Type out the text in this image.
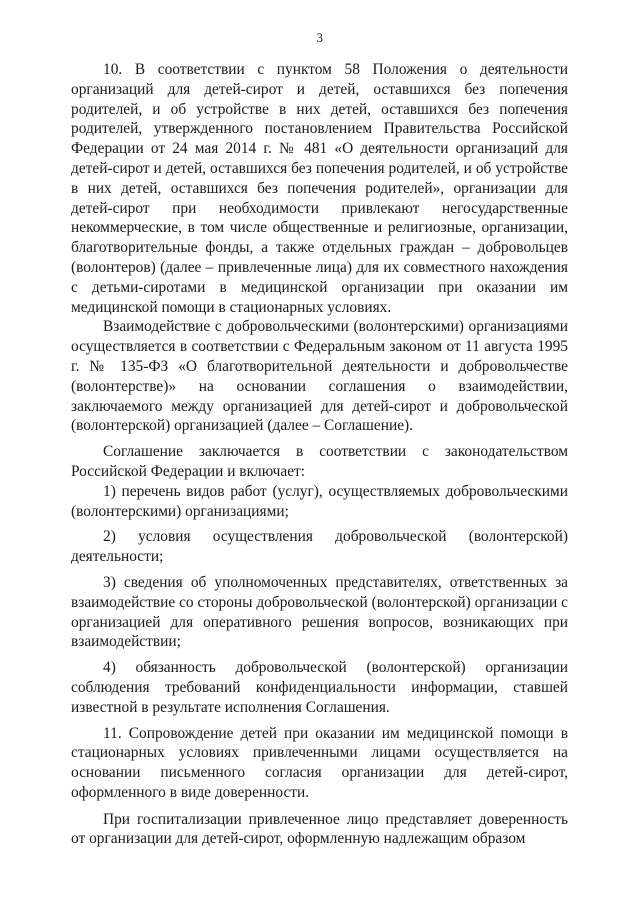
3

10. В соответствии с пунктом 58 Положения о деятельности организаций для детей-сирот и детей, оставшихся без попечения родителей, и об устройстве в них детей, оставшихся без попечения родителей, утвержденного постановлением Правительства Российской Федерации от 24 мая 2014 г. № 481 «О деятельности организаций для детей-сирот и детей, оставшихся без попечения родителей, и об устройстве в них детей, оставшихся без попечения родителей», организации для детей-сирот при необходимости привлекают негосударственные некоммерческие, в том числе общественные и религиозные, организации, благотворительные фонды, а также отдельных граждан – добровольцев (волонтеров) (далее – привлеченные лица) для их совместного нахождения с детьми-сиротами в медицинской организации при оказании им медицинской помощи в стационарных условиях.

Взаимодействие с добровольческими (волонтерскими) организациями осуществляется в соответствии с Федеральным законом от 11 августа 1995 г. № 135-ФЗ «О благотворительной деятельности и добровольчестве (волонтерстве)» на основании соглашения о взаимодействии, заключаемого между организацией для детей-сирот и добровольческой (волонтерской) организацией (далее – Соглашение).

Соглашение заключается в соответствии с законодательством Российской Федерации и включает:

1) перечень видов работ (услуг), осуществляемых добровольческими (волонтерскими) организациями;

2) условия осуществления добровольческой (волонтерской) деятельности;

3) сведения об уполномоченных представителях, ответственных за взаимодействие со стороны добровольческой (волонтерской) организации с организацией для оперативного решения вопросов, возникающих при взаимодействии;

4) обязанность добровольческой (волонтерской) организации соблюдения требований конфиденциальности информации, ставшей известной в результате исполнения Соглашения.

11. Сопровождение детей при оказании им медицинской помощи в стационарных условиях привлеченными лицами осуществляется на основании письменного согласия организации для детей-сирот, оформленного в виде доверенности.

При госпитализации привлеченное лицо представляет доверенность от организации для детей-сирот, оформленную надлежащим образом
